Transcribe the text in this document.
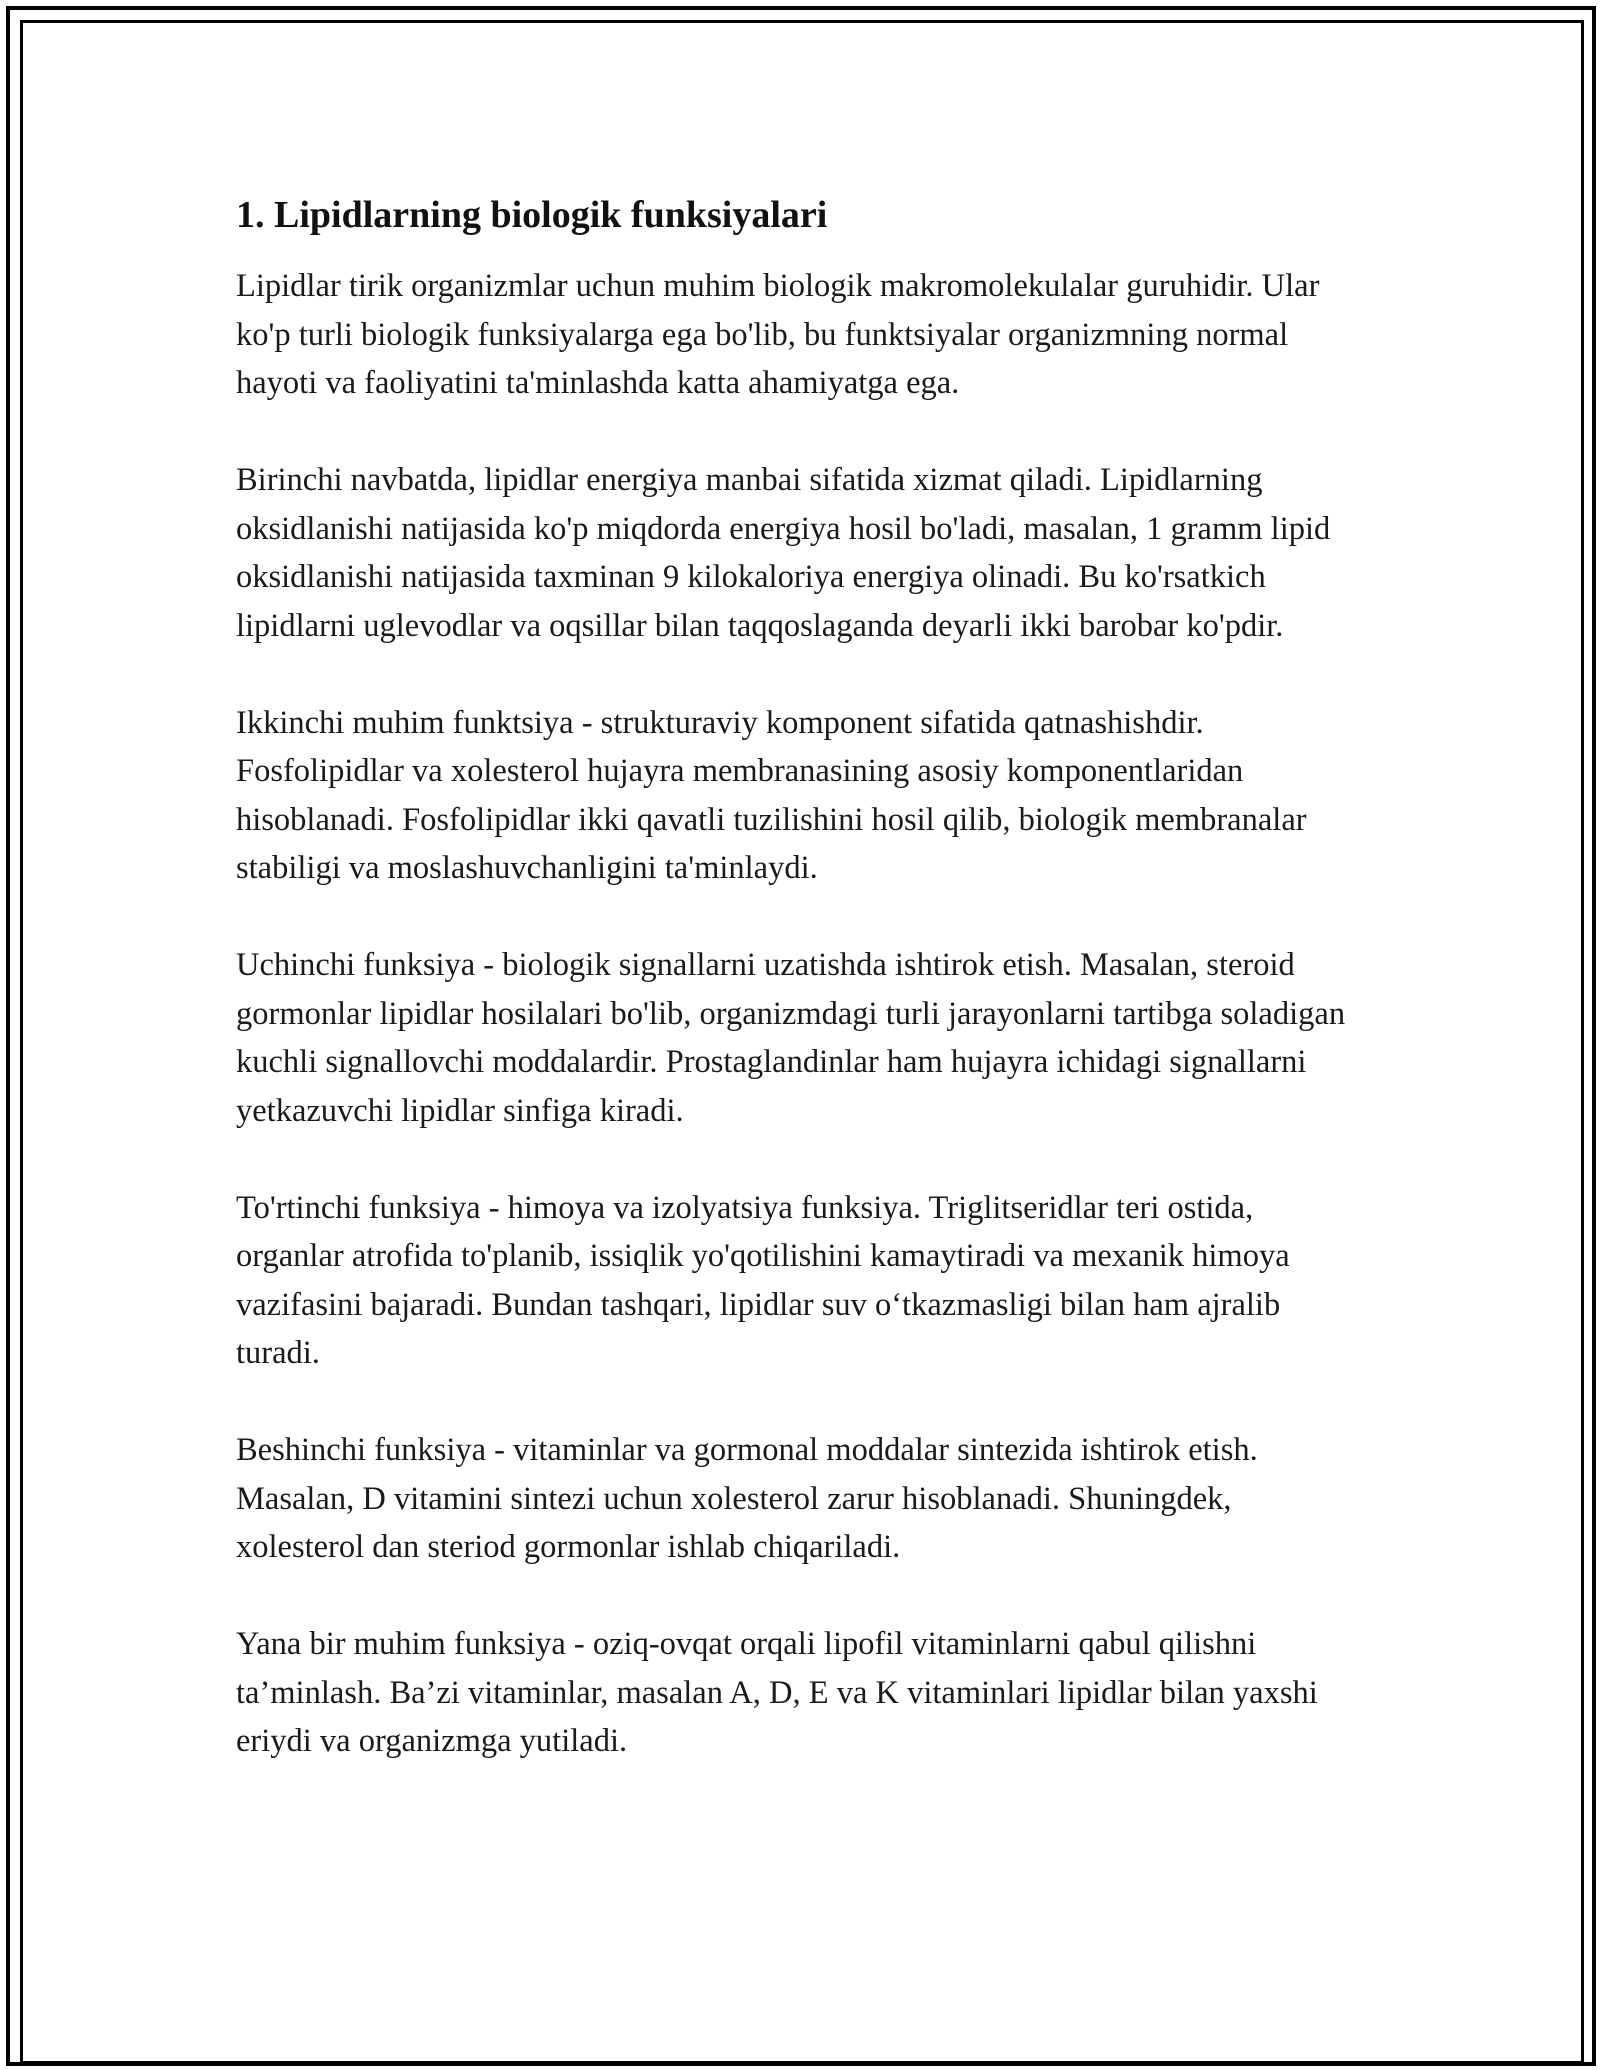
1. Lipidlarning biologik funksiyalari

Lipidlar tirik organizmlar uchun muhim biologik makromolekulalar guruhidir. Ular ko'p turli biologik funksiyalarga ega bo'lib, bu funktsiyalar organizmning normal hayoti va faoliyatini ta'minlashda katta ahamiyatga ega.

Birinchi navbatda, lipidlar energiya manbai sifatida xizmat qiladi. Lipidlarning oksidlanishi natijasida ko'p miqdorda energiya hosil bo'ladi, masalan, 1 gramm lipid oksidlanishi natijasida taxminan 9 kilokaloriya energiya olinadi. Bu ko'rsatkich lipidlarni uglevodlar va oqsillar bilan taqqoslaganda deyarli ikki barobar ko'pdir.

Ikkinchi muhim funktsiya - strukturaviy komponent sifatida qatnashishdir. Fosfolipidlar va xolesterol hujayra membranasining asosiy komponentlaridan hisoblanadi. Fosfolipidlar ikki qavatli tuzilishini hosil qilib, biologik membranalar stabiligi va moslashuvchanligini ta'minlaydi.

Uchinchi funksiya - biologik signallarni uzatishda ishtirok etish. Masalan, steroid gormonlar lipidlar hosilalari bo'lib, organizmdagi turli jarayonlarni tartibga soladigan kuchli signallovchi moddalardir. Prostaglandinlar ham hujayra ichidagi signallarni yetkazuvchi lipidlar sinfiga kiradi.

To'rtinchi funksiya - himoya va izolyatsiya funksiya. Triglitseridlar teri ostida, organlar atrofida to'planib, issiqlik yo'qotilishini kamaytiradi va mexanik himoya vazifasini bajaradi. Bundan tashqari, lipidlar suv o‘tkazmasligi bilan ham ajralib turadi.

Beshinchi funksiya - vitaminlar va gormonal moddalar sintezida ishtirok etish. Masalan, D vitamini sintezi uchun xolesterol zarur hisoblanadi. Shuningdek, xolesterol dan steriod gormonlar ishlab chiqariladi.

Yana bir muhim funksiya - oziq-ovqat orqali lipofil vitaminlarni qabul qilishni ta’minlash. Ba’zi vitaminlar, masalan A, D, E va K vitaminlari lipidlar bilan yaxshi eriydi va organizmga yutiladi.
